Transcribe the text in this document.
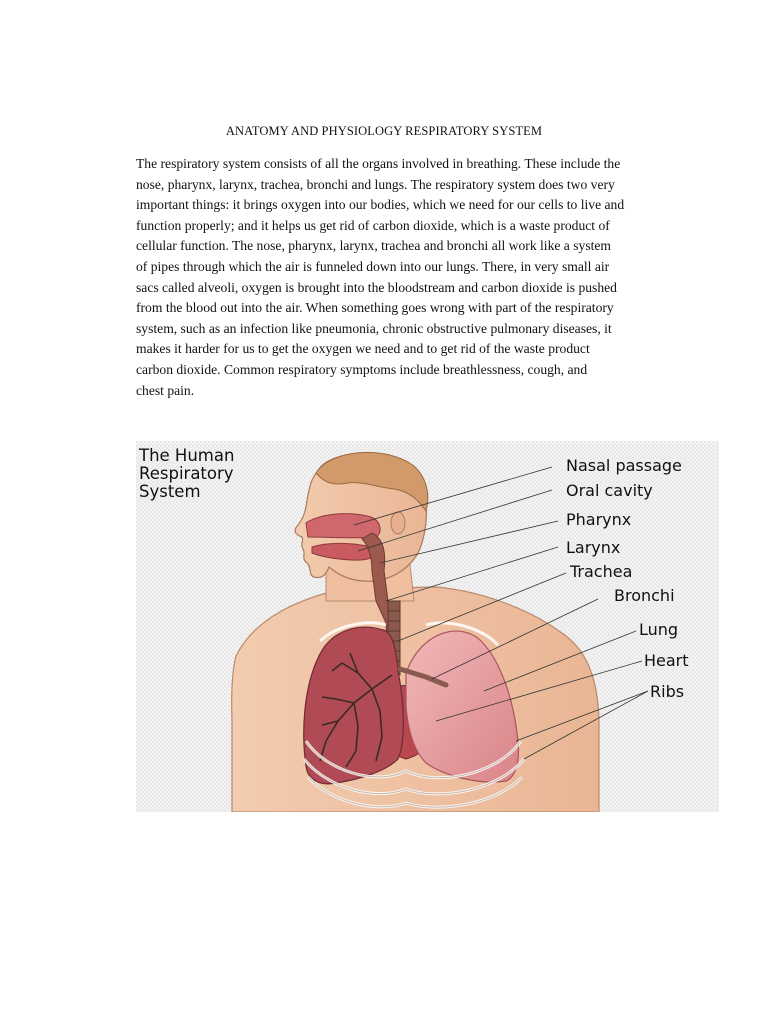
ANATOMY AND PHYSIOLOGY RESPIRATORY SYSTEM

The respiratory system consists of all the organs involved in breathing. These include the
nose, pharynx, larynx, trachea, bronchi and lungs. The respiratory system does two very
important things: it brings oxygen into our bodies, which we need for our cells to live and
function properly; and it helps us get rid of carbon dioxide, which is a waste product of
cellular function. The nose, pharynx, larynx, trachea and bronchi all work like a system
of pipes through which the air is funneled down into our lungs. There, in very small air
sacs called alveoli, oxygen is brought into the bloodstream and carbon dioxide is pushed
from the blood out into the air. When something goes wrong with part of the respiratory
system, such as an infection like pneumonia, chronic obstructive pulmonary diseases, it
makes it harder for us to get the oxygen we need and to get rid of the waste product
carbon dioxide. Common respiratory symptoms include breathlessness, cough, and
chest pain.

The Human
Respiratory
System
Nasal passage
Oral cavity
Pharynx
Larynx
Trachea
Bronchi
Lung
Heart
Ribs
